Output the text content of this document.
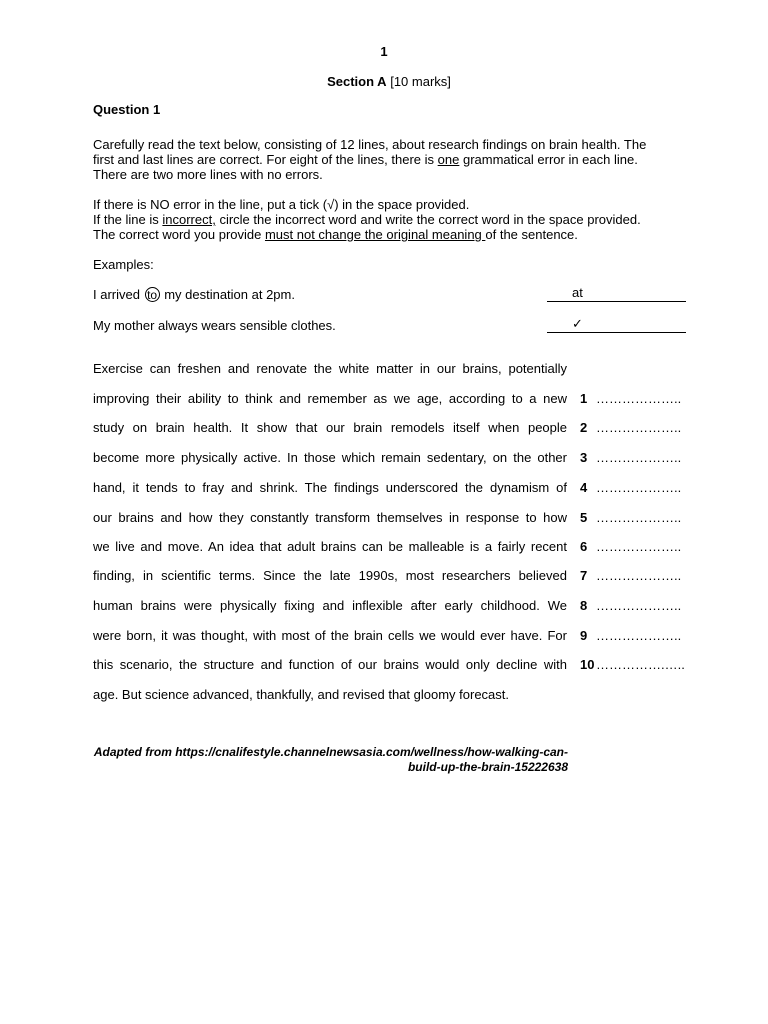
1
Section A [10 marks]
Question 1
Carefully read the text below, consisting of 12 lines, about research findings on brain health. The
first and last lines are correct. For eight of the lines, there is one grammatical error in each line.
There are two more lines with no errors.
If there is NO error in the line, put a tick (√) in the space provided.
If the line is incorrect, circle the incorrect word and write the correct word in the space provided.
The correct word you provide must not change the original meaning of the sentence.
Examples:
I arrived to my destination at 2pm.	at
My mother always wears sensible clothes.	✓
Exercise can freshen and renovate the white matter in our brains, potentially
improving their ability to think and remember as we age, according to a new 1 ………………..
study on brain health. It show that our brain remodels itself when people 2 ………………..
become more physically active. In those which remain sedentary, on the other 3 ………………..
hand, it tends to fray and shrink. The findings underscored the dynamism of 4 ………………..
our brains and how they constantly transform themselves in response to how 5 ………………..
we live and move. An idea that adult brains can be malleable is a fairly recent 6 ………………..
finding, in scientific terms. Since the late 1990s, most researchers believed 7 ………………..
human brains were physically fixing and inflexible after early childhood. We 8 ………………..
were born, it was thought, with most of the brain cells we would ever have. For 9 ………………..
this scenario, the structure and function of our brains would only decline with 10 …………….…..
age. But science advanced, thankfully, and revised that gloomy forecast.
Adapted from https://cnalifestyle.channelnewsasia.com/wellness/how-walking-can-
build-up-the-brain-15222638
